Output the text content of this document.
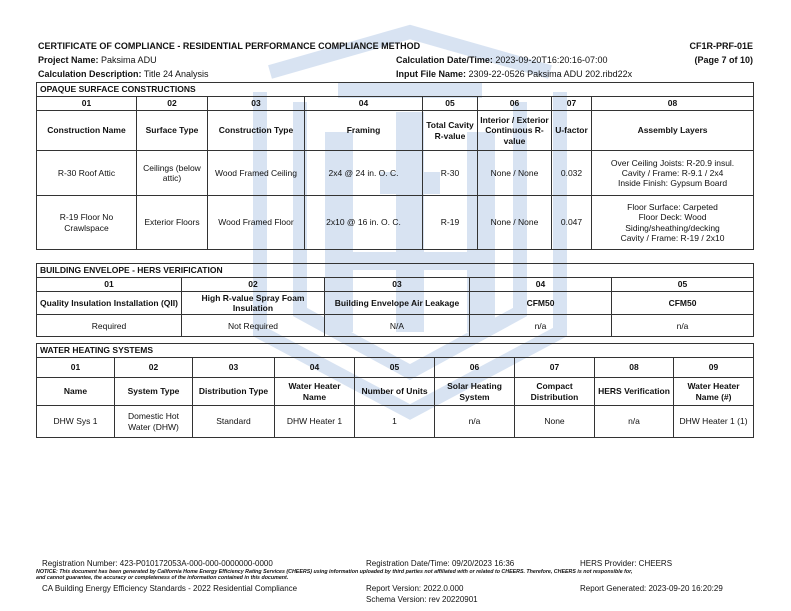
CERTIFICATE OF COMPLIANCE - RESIDENTIAL PERFORMANCE COMPLIANCE METHOD	CF1R-PRF-01E
Project Name: Paksima ADU	Calculation Date/Time: 2023-09-20T16:20:16-07:00	(Page 7 of 10)
Calculation Description: Title 24 Analysis	Input File Name: 2309-22-0526 Paksima ADU 202.ribd22x
OPAQUE SURFACE CONSTRUCTIONS							
01	02	03	04	05	06	07	08
Construction Name	Surface Type	Construction Type	Framing	Total Cavity R-value	Interior / Exterior Continuous R-value	U-factor	Assembly Layers
R-30 Roof Attic	Ceilings (below attic)	Wood Framed Ceiling	2x4 @ 24 in. O. C.	R-30	None / None	0.032	Over Ceiling Joists: R-20.9 insul.
Cavity / Frame: R-9.1 / 2x4
Inside Finish: Gypsum Board

R-19 Floor No Crawlspace	Exterior Floors	Wood Framed Floor	2x10 @ 16 in. O. C.	R-19	None / None	0.047	Floor Surface: Carpeted
Floor Deck: Wood
Siding/sheathing/decking
Cavity / Frame: R-19 / 2x10
BUILDING ENVELOPE - HERS VERIFICATION				
01	02	03	04	05
Quality Insulation Installation (QII)	High R-value Spray Foam Insulation	Building Envelope Air Leakage	CFM50	CFM50
Required	Not Required	N/A	n/a	n/a
WATER HEATING SYSTEMS								
01	02	03	04	05	06	07	08	09
Name	System Type	Distribution Type	Water Heater Name	Number of Units	Solar Heating System	Compact Distribution	HERS Verification	Water Heater Name (#)
DHW Sys 1	Domestic Hot Water (DHW)	Standard	DHW Heater 1	1	n/a	None	n/a	DHW Heater 1 (1)
Registration Number: 423-P010172053A-000-000-0000000-0000	Registration Date/Time: 09/20/2023 16:36	HERS Provider: CHEERS
NOTICE: This document has been generated by California Home Energy Efficiency Rating Services (CHEERS) using information uploaded by third parties not affiliated with or related to CHEERS. Therefore, CHEERS is not responsible for,
and cannot guarantee, the accuracy or completeness of the information contained in this document.
CA Building Energy Efficiency Standards - 2022 Residential Compliance	Report Version: 2022.0.000	Report Generated: 2023-09-20 16:20:29
Schema Version: rev 20220901
